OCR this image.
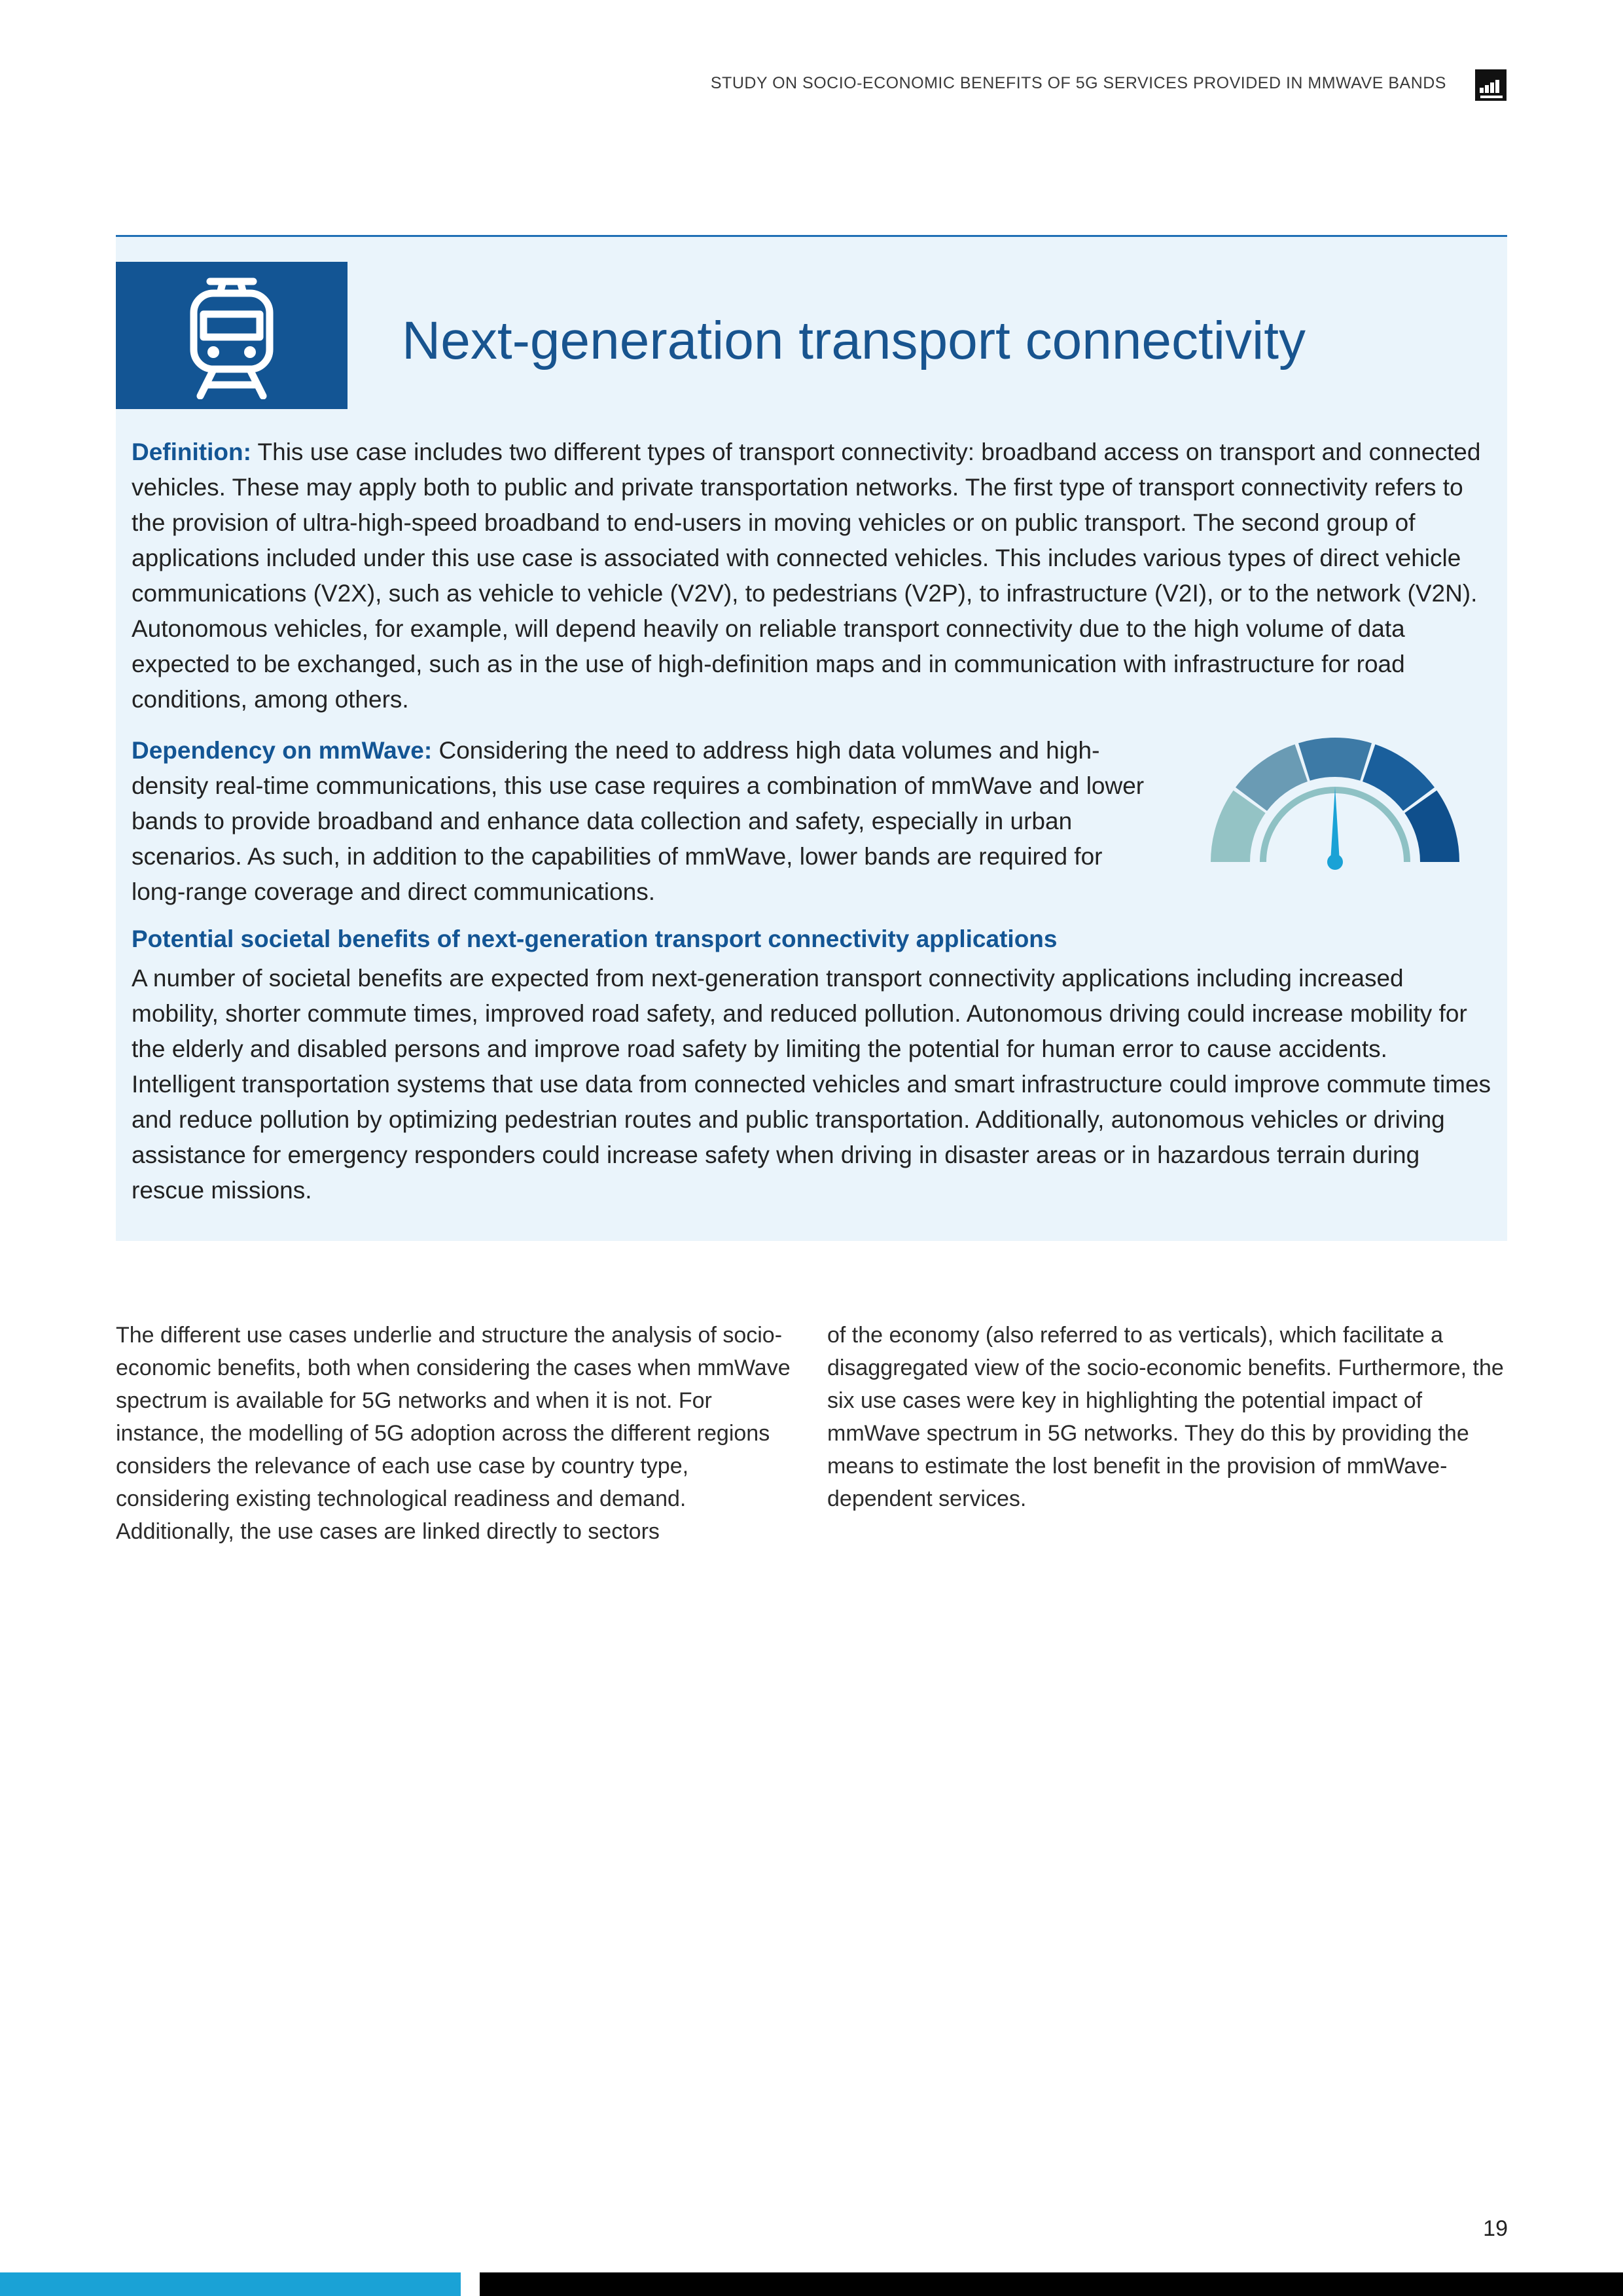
STUDY ON SOCIO-ECONOMIC BENEFITS OF 5G SERVICES PROVIDED IN MMWAVE BANDS
Next-generation transport connectivity

Definition: This use case includes two different types of transport connectivity: broadband access on transport and connected vehicles. These may apply both to public and private transportation networks. The first type of transport connectivity refers to the provision of ultra-high-speed broadband to end-users in moving vehicles or on public transport. The second group of applications included under this use case is associated with connected vehicles. This includes various types of direct vehicle communications (V2X), such as vehicle to vehicle (V2V), to pedestrians (V2P), to infrastructure (V2I), or to the network (V2N). Autonomous vehicles, for example, will depend heavily on reliable transport connectivity due to the high volume of data expected to be exchanged, such as in the use of high-definition maps and in communication with infrastructure for road conditions, among others.

Dependency on mmWave: Considering the need to address high data volumes and high-density real-time communications, this use case requires a combination of mmWave and lower bands to provide broadband and enhance data collection and safety, especially in urban scenarios. As such, in addition to the capabilities of mmWave, lower bands are required for long-range coverage and direct communications.

Potential societal benefits of next-generation transport connectivity applications

A number of societal benefits are expected from next-generation transport connectivity applications including increased mobility, shorter commute times, improved road safety, and reduced pollution. Autonomous driving could increase mobility for the elderly and disabled persons and improve road safety by limiting the potential for human error to cause accidents. Intelligent transportation systems that use data from connected vehicles and smart infrastructure could improve commute times and reduce pollution by optimizing pedestrian routes and public transportation. Additionally, autonomous vehicles or driving assistance for emergency responders could increase safety when driving in disaster areas or in hazardous terrain during rescue missions.

The different use cases underlie and structure the analysis of socio-economic benefits, both when considering the cases when mmWave spectrum is available for 5G networks and when it is not. For instance, the modelling of 5G adoption across the different regions considers the relevance of each use case by country type, considering existing technological readiness and demand. Additionally, the use cases are linked directly to sectors

of the economy (also referred to as verticals), which facilitate a disaggregated view of the socio-economic benefits. Furthermore, the six use cases were key in highlighting the potential impact of mmWave spectrum in 5G networks. They do this by providing the means to estimate the lost benefit in the provision of mmWave-dependent services.

19
